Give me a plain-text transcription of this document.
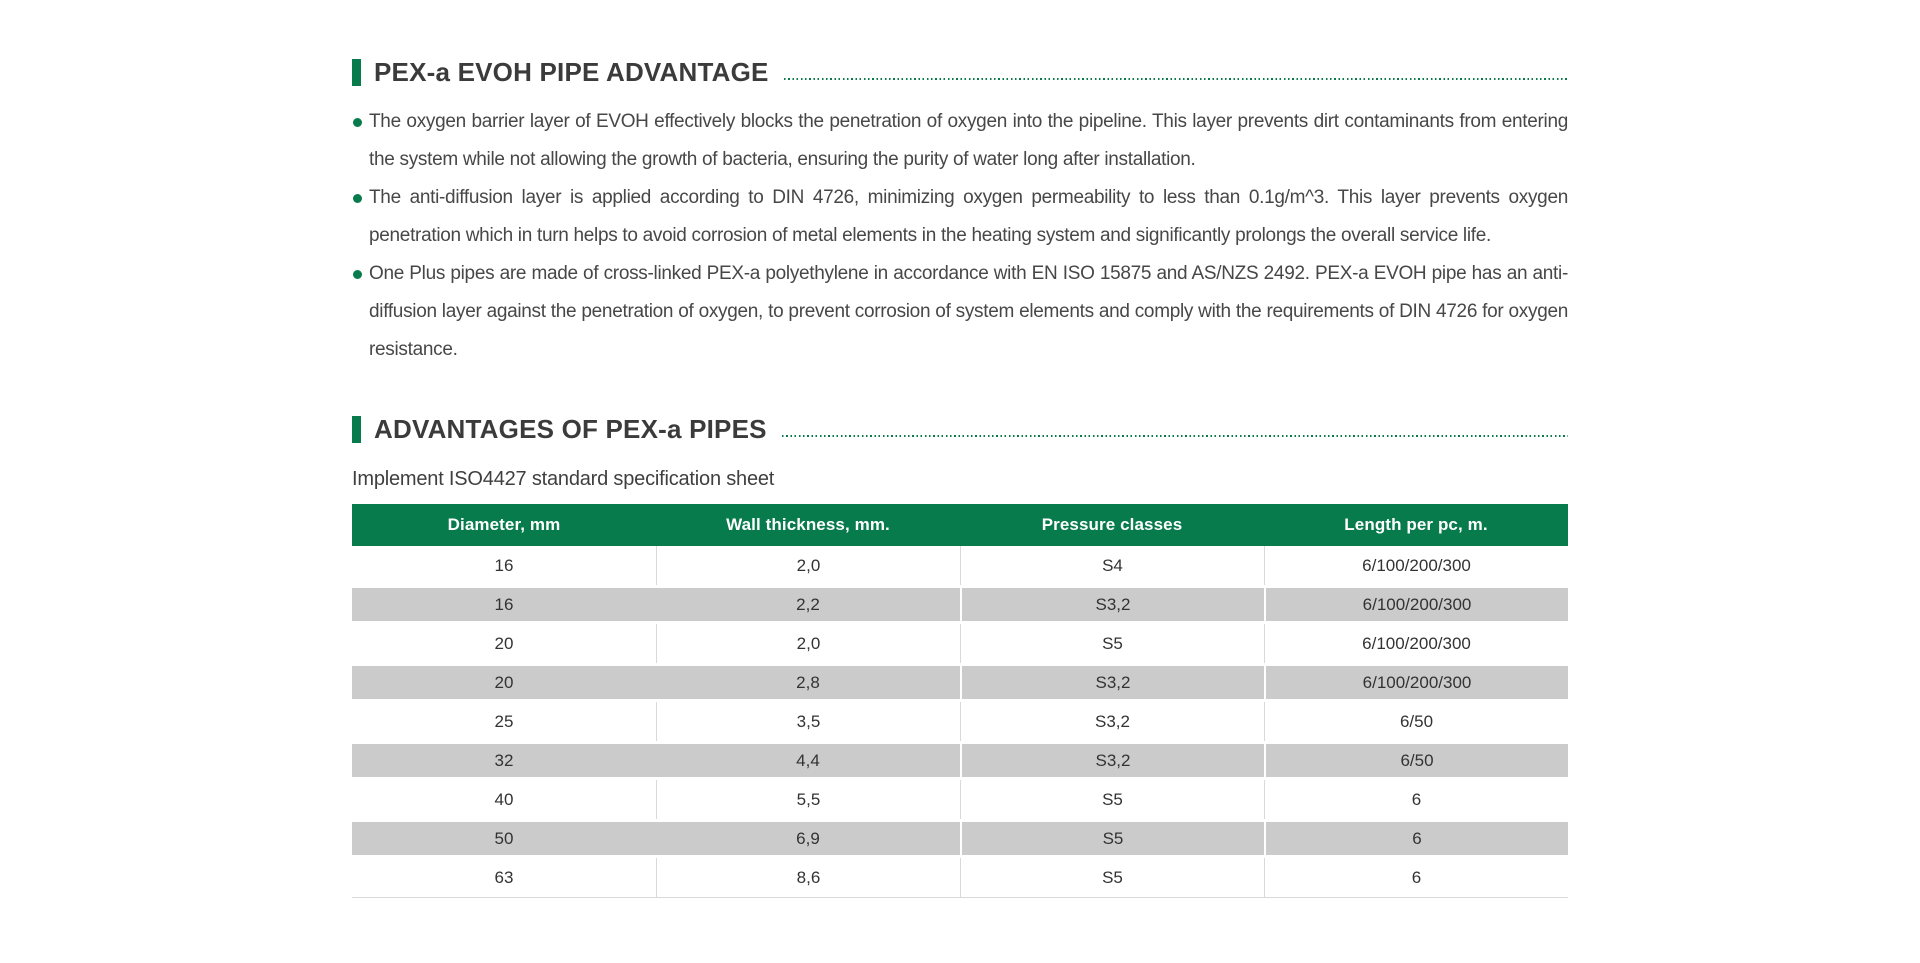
PEX-a EVOH PIPE ADVANTAGE
The oxygen barrier layer of EVOH effectively blocks the penetration of oxygen into the pipeline. This layer prevents dirt contaminants from entering the system while not allowing the growth of bacteria, ensuring the purity of water long after installation.
The anti-diffusion layer is applied according to DIN 4726, minimizing oxygen permeability to less than 0.1g/m^3. This layer prevents oxygen penetration which in turn helps to avoid corrosion of metal elements in the heating system and significantly prolongs the overall service life.
One Plus pipes are made of cross-linked PEX-a polyethylene in accordance with EN ISO 15875 and AS/NZS 2492. PEX-a EVOH pipe has an anti-diffusion layer against the penetration of oxygen, to prevent corrosion of system elements and comply with the requirements of DIN 4726 for oxygen resistance.
ADVANTAGES OF PEX-a PIPES
Implement ISO4427 standard specification sheet
Diameter, mm	Wall thickness, mm.	Pressure classes	Length per pc, m.
16	2,0	S4	6/100/200/300
16	2,2	S3,2	6/100/200/300
20	2,0	S5	6/100/200/300
20	2,8	S3,2	6/100/200/300
25	3,5	S3,2	6/50
32	4,4	S3,2	6/50
40	5,5	S5	6
50	6,9	S5	6
63	8,6	S5	6
